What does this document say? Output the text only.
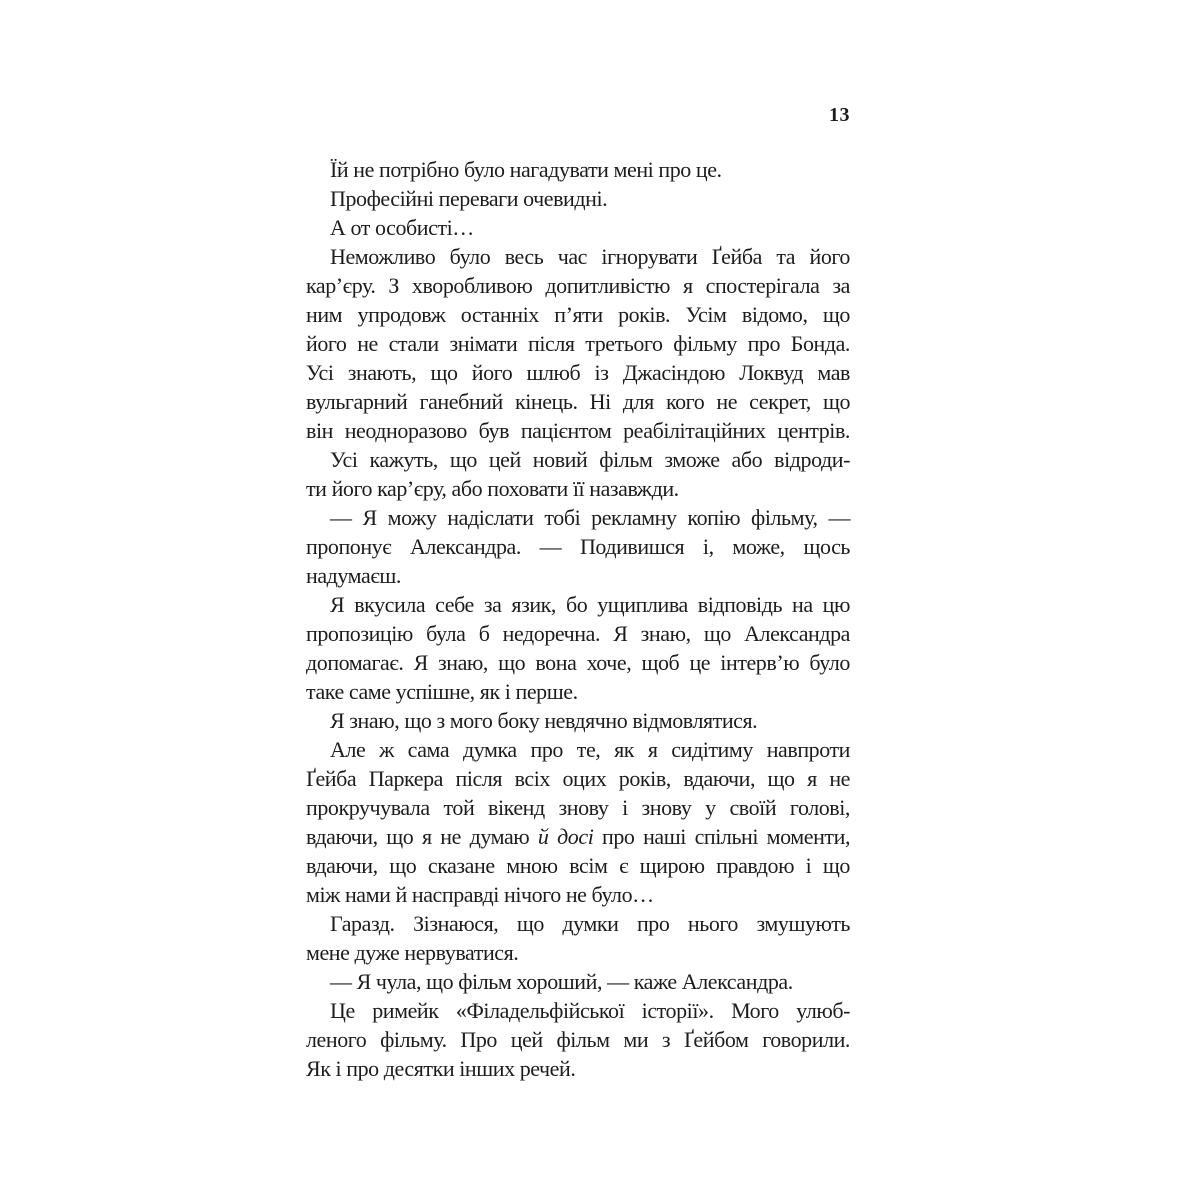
13
Їй не потрібно було нагадувати мені про це.
Професійні переваги очевидні.
А от особисті…
Неможливо було весь час ігнорувати Ґейба та його
кар’єру. З хворобливою допитливістю я спостерігала за
ним упродовж останніх п’яти років. Усім відомо, що
його не стали знімати після третього фільму про Бонда.
Усі знають, що його шлюб із Джасіндою Локвуд мав
вульгарний ганебний кінець. Ні для кого не секрет, що
він неодноразово був пацієнтом реабілітаційних центрів.
Усі кажуть, що цей новий фільм зможе або відроди-
ти його кар’єру, або поховати її назавжди.
— Я можу надіслати тобі рекламну копію фільму, —
пропонує Александра. — Подивишся і, може, щось
надумаєш.
Я вкусила себе за язик, бо ущиплива відповідь на цю
пропозицію була б недоречна. Я знаю, що Александра
допомагає. Я знаю, що вона хоче, щоб це інтерв’ю було
таке саме успішне, як і перше.
Я знаю, що з мого боку невдячно відмовлятися.
Але ж сама думка про те, як я сидітиму навпроти
Ґейба Паркера після всіх оцих років, вдаючи, що я не
прокручувала той вікенд знову і знову у своїй голові,
вдаючи, що я не думаю й досі про наші спільні моменти,
вдаючи, що сказане мною всім є щирою правдою і що
між нами й насправді нічого не було…
Гаразд. Зізнаюся, що думки про нього змушують
мене дуже нервуватися.
— Я чула, що фільм хороший, — каже Александра.
Це римейк «Філадельфійської історії». Мого улюб-
леного фільму. Про цей фільм ми з Ґейбом говорили.
Як і про десятки інших речей.
